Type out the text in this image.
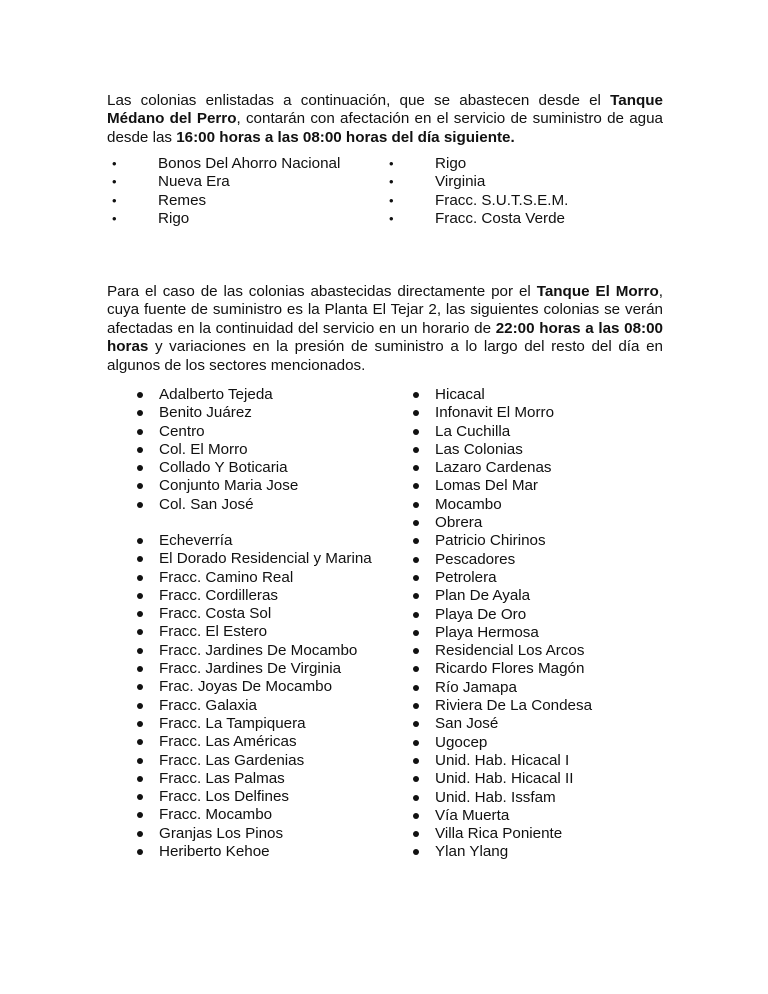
Las colonias enlistadas a continuación, que se abastecen desde el Tanque Médano del Perro, contarán con afectación en el servicio de suministro de agua desde las 16:00 horas a las 08:00 horas del día siguiente.

• Bonos Del Ahorro Nacional
• Nueva Era
• Remes
• Rigo
• Rigo
• Virginia
• Fracc. S.U.T.S.E.M.
• Fracc. Costa Verde

Para el caso de las colonias abastecidas directamente por el Tanque El Morro, cuya fuente de suministro es la Planta El Tejar 2, las siguientes colonias se verán afectadas en la continuidad del servicio en un horario de 22:00 horas a las 08:00 horas y variaciones en la presión de suministro a lo largo del resto del día en algunos de los sectores mencionados.

Adalberto Tejeda
Benito Juárez
Centro
Col. El Morro
Collado Y Boticaria
Conjunto Maria Jose
Col. San José
Echeverría
El Dorado Residencial y Marina
Fracc. Camino Real
Fracc. Cordilleras
Fracc. Costa Sol
Fracc. El Estero
Fracc. Jardines De Mocambo
Fracc. Jardines De Virginia
Frac. Joyas De Mocambo
Fracc. Galaxia
Fracc. La Tampiquera
Fracc. Las Américas
Fracc. Las Gardenias
Fracc. Las Palmas
Fracc. Los Delfines
Fracc. Mocambo
Granjas Los Pinos
Heriberto Kehoe
Hicacal
Infonavit El Morro
La Cuchilla
Las Colonias
Lazaro Cardenas
Lomas Del Mar
Mocambo
Obrera
Patricio Chirinos
Pescadores
Petrolera
Plan De Ayala
Playa De Oro
Playa Hermosa
Residencial Los Arcos
Ricardo Flores Magón
Río Jamapa
Riviera De La Condesa
San José
Ugocep
Unid. Hab. Hicacal I
Unid. Hab. Hicacal II
Unid. Hab. Issfam
Vía Muerta
Villa Rica Poniente
Ylan Ylang
